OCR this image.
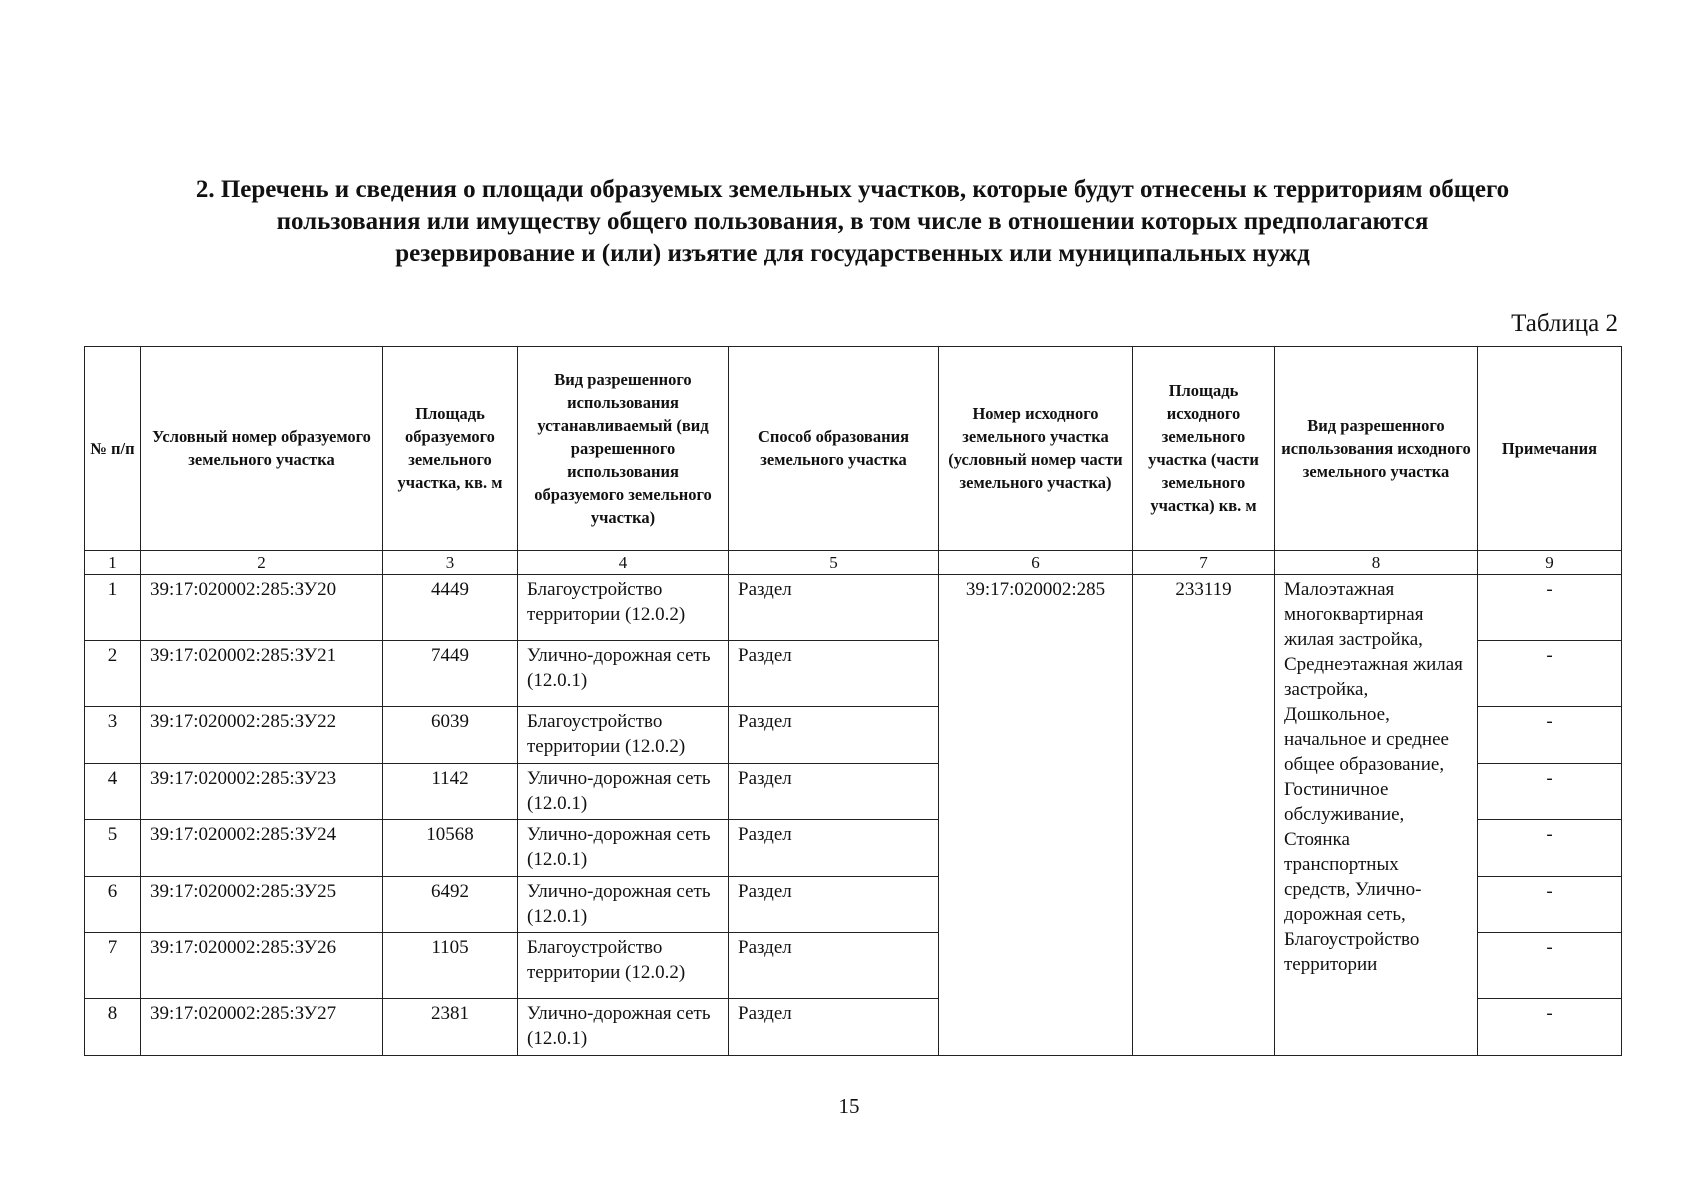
2. Перечень и сведения о площади образуемых земельных участков, которые будут отнесены к территориям общего
пользования или имуществу общего пользования, в том числе в отношении которых предполагаются
резервирование и (или) изъятие для государственных или муниципальных нужд
Таблица 2
№ п/п	Условный номер образуемого земельного участка	Площадь образуемого земельного участка, кв. м	Вид разрешенного использования устанавливаемый (вид разрешенного использования образуемого земельного участка)	Способ образования земельного участка	Номер исходного земельного участка (условный номер части земельного участка)	Площадь исходного земельного участка (части земельного участка) кв. м	Вид разрешенного использования исходного земельного участка	Примечания
1	2	3	4	5	6	7	8	9
1	39:17:020002:285:ЗУ20	4449	Благоустройство территории (12.0.2)	Раздел	39:17:020002:285	233119	Малоэтажная многоквартирная жилая застройка, Среднеэтажная жилая застройка, Дошкольное, начальное и среднее общее образование, Гостиничное обслуживание, Стоянка транспортных средств, Улично-дорожная сеть, Благоустройство территории	-
2	39:17:020002:285:ЗУ21	7449	Улично-дорожная сеть (12.0.1)	Раздел				-
3	39:17:020002:285:ЗУ22	6039	Благоустройство территории (12.0.2)	Раздел				-
4	39:17:020002:285:ЗУ23	1142	Улично-дорожная сеть (12.0.1)	Раздел				-
5	39:17:020002:285:ЗУ24	10568	Улично-дорожная сеть (12.0.1)	Раздел				-
6	39:17:020002:285:ЗУ25	6492	Улично-дорожная сеть (12.0.1)	Раздел				-
7	39:17:020002:285:ЗУ26	1105	Благоустройство территории (12.0.2)	Раздел				-
8	39:17:020002:285:ЗУ27	2381	Улично-дорожная сеть (12.0.1)	Раздел				-
15
